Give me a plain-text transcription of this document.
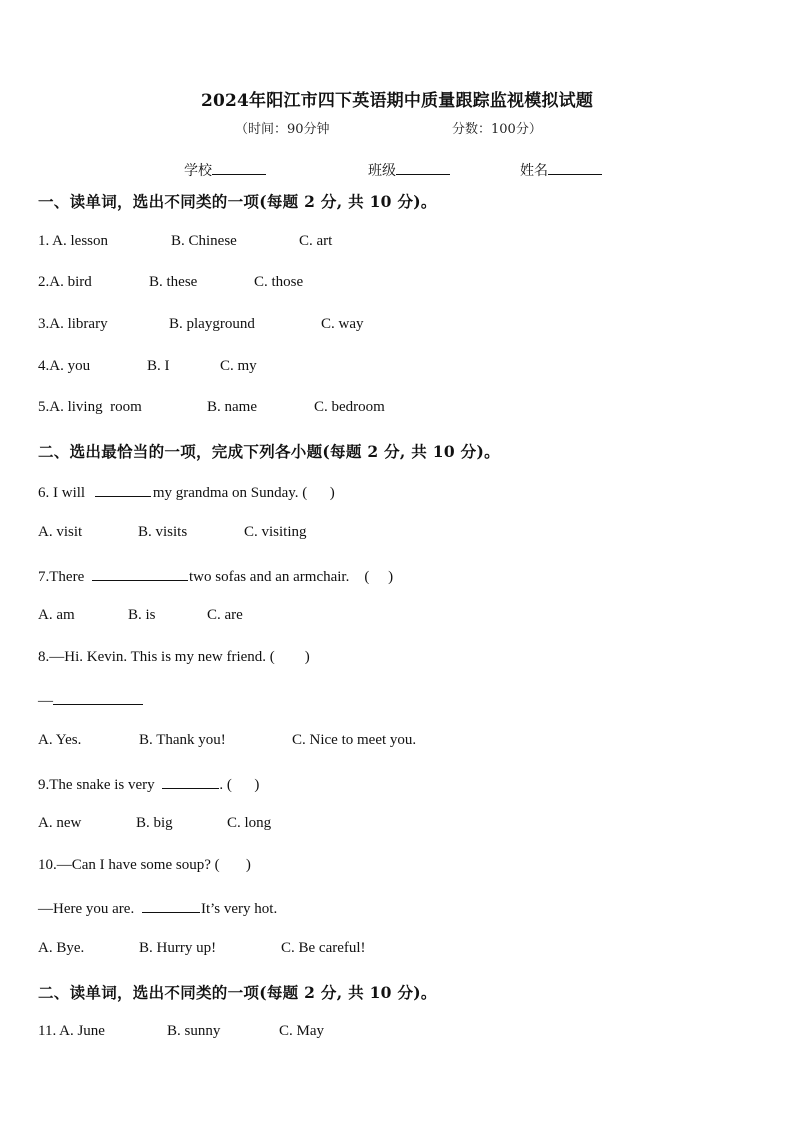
2024年阳江市四下英语期中质量跟踪监视模拟试题
（时间：90分钟	分数：100分）
学校	班级	姓名
一、读单词，选出不同类的一项(每题 2 分, 共 10 分)。
1. A. lesson	B. Chinese	C. art
2.A. bird	B. these	C. those
3.A. library	B. playground	C. way
4.A. you	B. I	C. my
5.A. living  room	B. name	C. bedroom
二、选出最恰当的一项，完成下列各小题(每题 2 分, 共 10 分)。
6. I will	my grandma on Sunday. (      )
A. visit	B. visits	C. visiting
7.There	two sofas and an armchair.    (     )
A. am	B. is	C. are
8.—Hi. Kevin. This is my new friend. (        )
—
A. Yes.	B. Thank you!	C. Nice to meet you.
9.The snake is very	. (      )
A. new	B. big	C. long
10.—Can I have some soup? (       )
—Here you are.	It’s very hot.
A. Bye.	B. Hurry up!	C. Be careful!
二、读单词，选出不同类的一项(每题 2 分, 共 10 分)。
11. A. June	B. sunny	C. May
